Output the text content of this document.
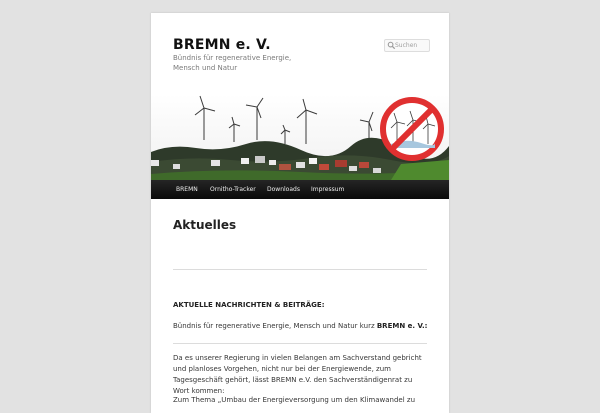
BREMN e. V.
Bündnis für regenerative Energie, Mensch und Natur
Suchen
BREMN Ornitho-Tracker Downloads Impressum
Aktuelles
AKTUELLE NACHRICHTEN & BEITRÄGE:
Bündnis für regenerative Energie, Mensch und Natur kurz BREMN e. V.:
Da es unserer Regierung in vielen Belangen am Sachverstand gebricht und planloses Vorgehen, nicht nur bei der Energiewende, zum Tagesgeschäft gehört, lässt BREMN e.V. den Sachverständigenrat zu Wort kommen:
Zum Thema „Umbau der Energieversorgung um den Klimawandel zu
